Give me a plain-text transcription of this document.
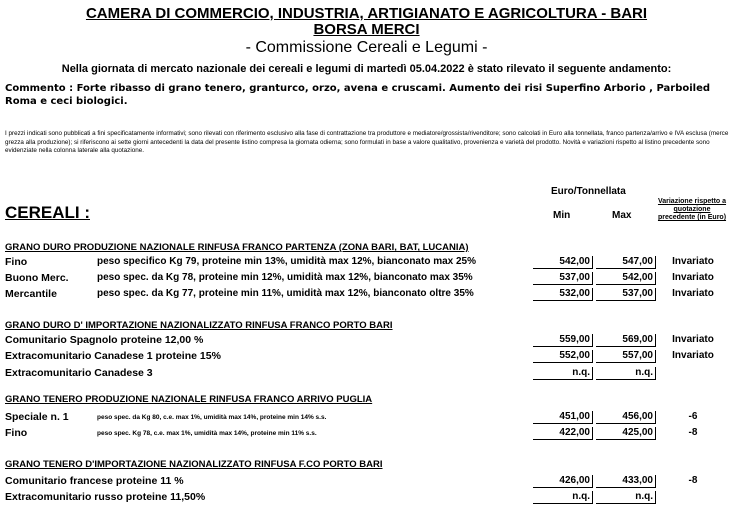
CAMERA DI COMMERCIO, INDUSTRIA, ARTIGIANATO E AGRICOLTURA - BARI
BORSA MERCI
- Commissione Cereali e Legumi -
Nella giornata di mercato nazionale dei cereali e legumi di martedì 05.04.2022 è stato rilevato il seguente andamento:
Commento : Forte ribasso di grano tenero, granturco, orzo, avena e cruscami. Aumento dei risi Superfino Arborio , Parboiled Roma e ceci biologici.
I prezzi indicati sono pubblicati a fini specificatamente informativi; sono rilevati con riferimento esclusivo alla fase di contrattazione tra produttore e mediatore/grossista/rivenditore; sono calcolati in Euro alla tonnellata, franco partenza/arrivo e IVA esclusa (merce grezza alla produzione); si riferiscono ai sette giorni antecedenti la data del presente listino compresa la giornata odierna; sono formulati in base a valore qualitativo, provenienza e varietà del prodotto. Novità e variazioni rispetto al listino precedente sono evidenziate nella colonna laterale alla quotazione.
Euro/Tonnellata
Min	Max
Variazione rispetto a quotazione precedente (in Euro)
CEREALI :
GRANO DURO PRODUZIONE NAZIONALE RINFUSA FRANCO PARTENZA (ZONA BARI, BAT, LUCANIA)
Fino	peso specifico Kg 79, proteine min 13%, umidità max 12%, bianconato max 25%	542,00	547,00	Invariato
Buono Merc.	peso spec. da Kg 78, proteine min 12%, umidità max 12%, bianconato max 35%	537,00	542,00	Invariato
Mercantile	peso spec. da Kg 77, proteine min 11%, umidità max 12%, bianconato oltre 35%	532,00	537,00	Invariato
GRANO DURO D' IMPORTAZIONE NAZIONALIZZATO RINFUSA FRANCO PORTO BARI
Comunitario Spagnolo proteine 12,00 %	559,00	569,00	Invariato
Extracomunitario Canadese 1 proteine 15%	552,00	557,00	Invariato
Extracomunitario Canadese 3	n.q.	n.q.
GRANO TENERO PRODUZIONE NAZIONALE RINFUSA FRANCO ARRIVO PUGLIA
Speciale n. 1	peso spec. da Kg 80, c.e. max 1%, umidità max 14%, proteine min 14% s.s.	451,00	456,00	-6
Fino	peso spec. Kg 78, c.e. max 1%, umidità max 14%, proteine min 11% s.s.	422,00	425,00	-8
GRANO TENERO D'IMPORTAZIONE NAZIONALIZZATO RINFUSA F.CO PORTO BARI
Comunitario francese proteine 11 %	426,00	433,00	-8
Extracomunitario russo proteine 11,50%	n.q.	n.q.
